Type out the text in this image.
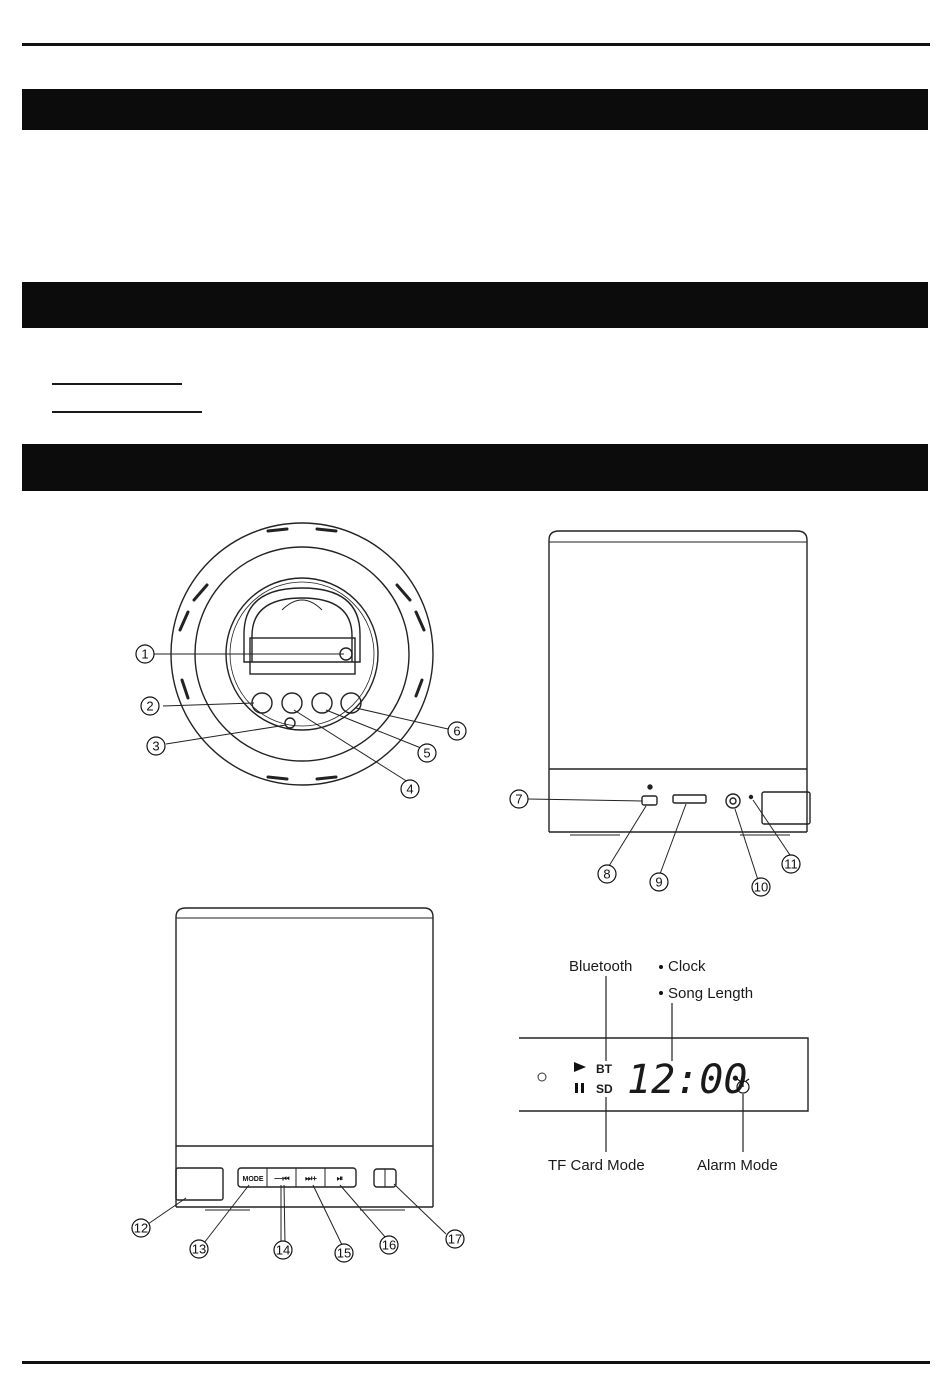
1
2
3
4
5
6
7
8
9	10
11
MODE —⏮ ⏭+ ⏯
12
13	14	15
16	17
BT
SD 12:00
Bluetooth Clock
Song Length
TF Card Mode	Alarm Mode
